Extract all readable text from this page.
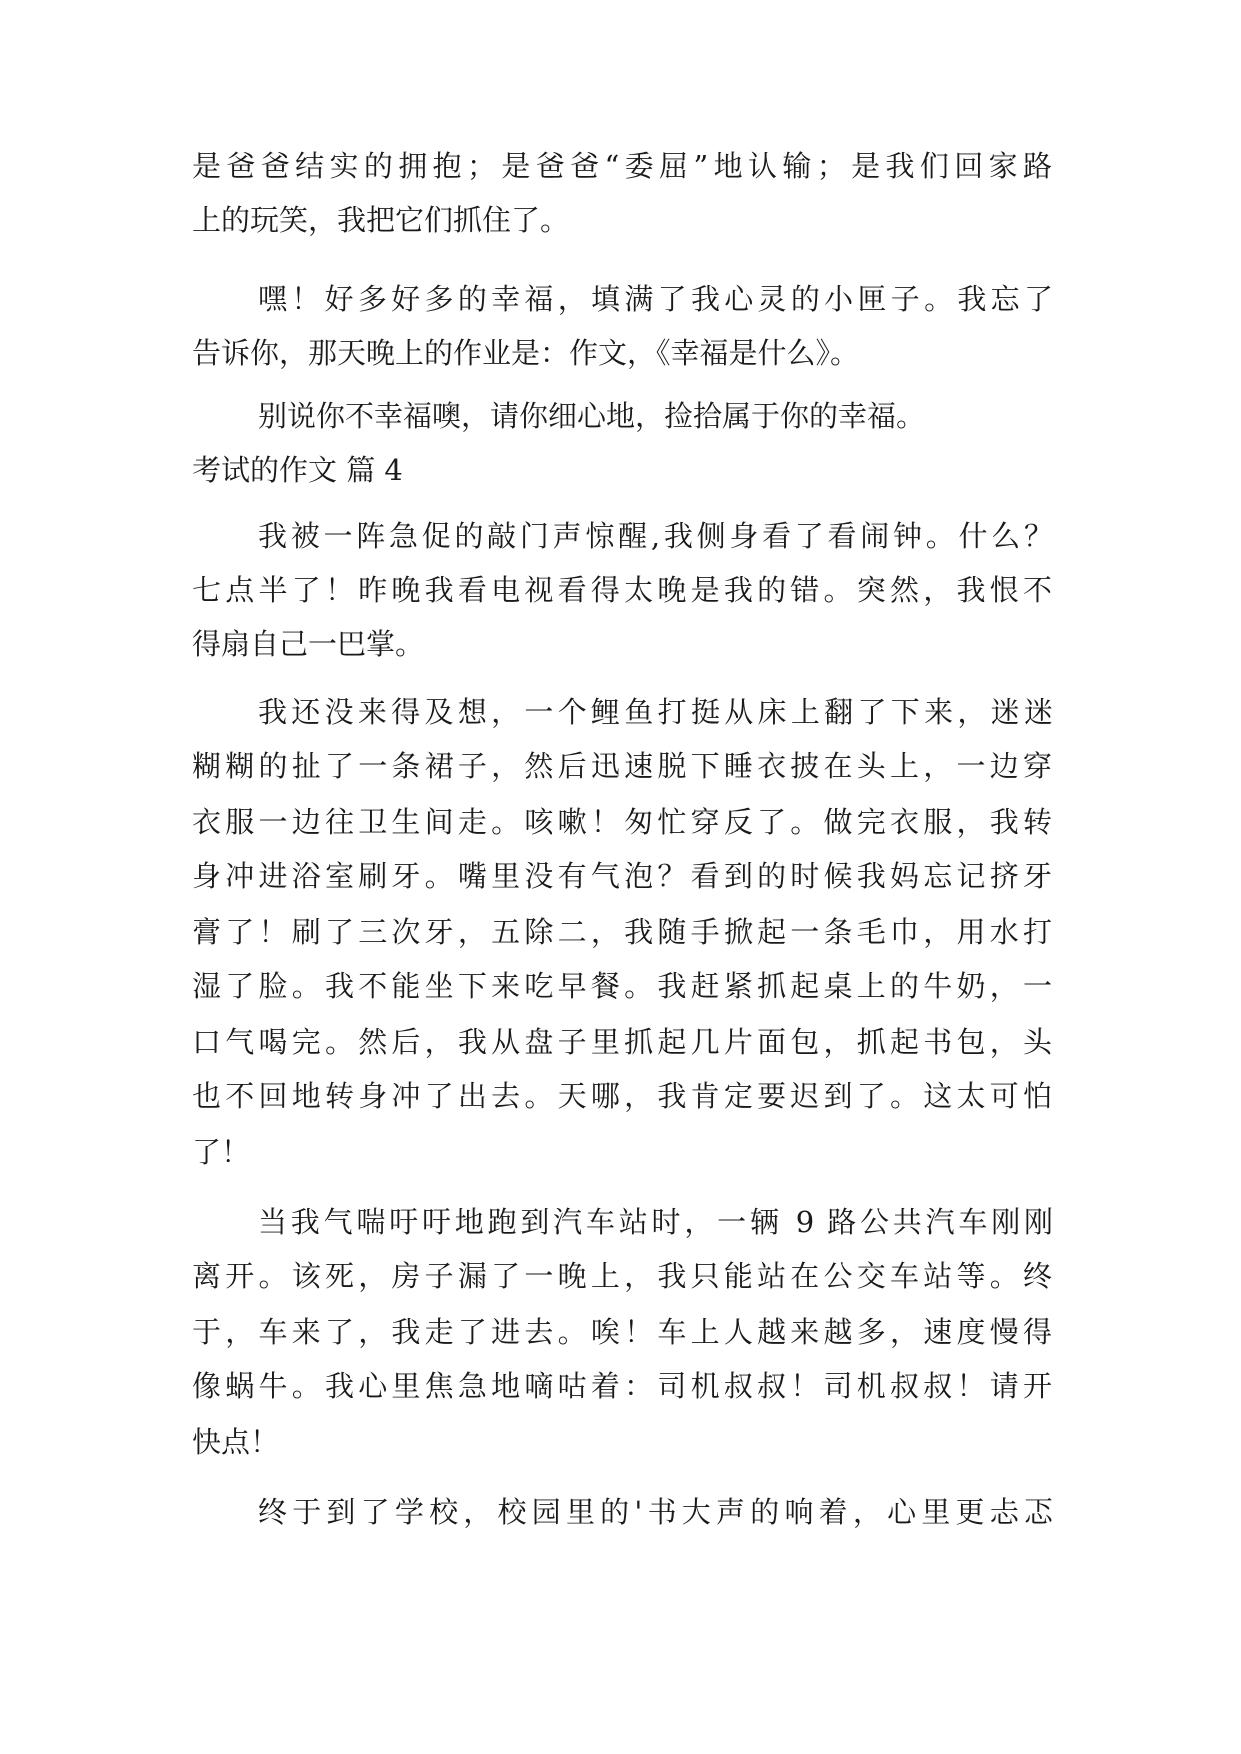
是爸爸结实的拥抱；是爸爸“委屈”地认输；是我们回家路
上的玩笑，我把它们抓住了。
嘿！好多好多的幸福，填满了我心灵的小匣子。我忘了
告诉你，那天晚上的作业是：作文，《幸福是什么》。
别说你不幸福噢，请你细心地，捡拾属于你的幸福。
考试的作文 篇 4
我被一阵急促的敲门声惊醒,我侧身看了看闹钟。什么？
七点半了！昨晚我看电视看得太晚是我的错。突然，我恨不
得扇自己一巴掌。
我还没来得及想，一个鲤鱼打挺从床上翻了下来，迷迷
糊糊的扯了一条裙子，然后迅速脱下睡衣披在头上，一边穿
衣服一边往卫生间走。咳嗽！匆忙穿反了。做完衣服，我转
身冲进浴室刷牙。嘴里没有气泡？看到的时候我妈忘记挤牙
膏了！刷了三次牙，五除二，我随手掀起一条毛巾，用水打
湿了脸。我不能坐下来吃早餐。我赶紧抓起桌上的牛奶，一
口气喝完。然后，我从盘子里抓起几片面包，抓起书包，头
也不回地转身冲了出去。天哪，我肯定要迟到了。这太可怕
了！
当我气喘吁吁地跑到汽车站时，一辆 9 路公共汽车刚刚
离开。该死，房子漏了一晚上，我只能站在公交车站等。终
于，车来了，我走了进去。唉！车上人越来越多，速度慢得
像蜗牛。我心里焦急地嘀咕着：司机叔叔！司机叔叔！请开
快点！
终于到了学校，校园里的'书大声的响着，心里更忐忑
